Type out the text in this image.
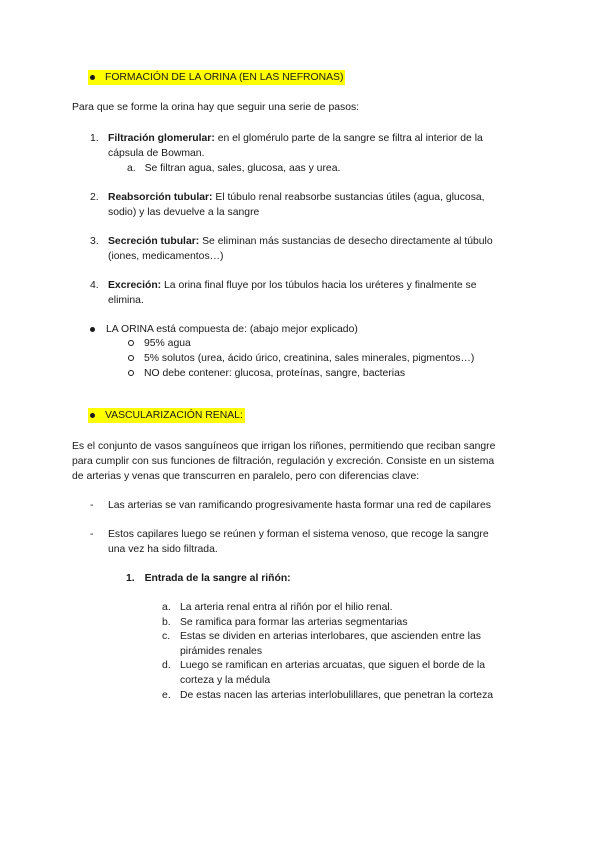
FORMACIÓN DE LA ORINA (EN LAS NEFRONAS)
Para que se forme la orina hay que seguir una serie de pasos:
1. Filtración glomerular: en el glomérulo parte de la sangre se filtra al interior de la
cápsula de Bowman.
a. Se filtran agua, sales, glucosa, aas y urea.
2. Reabsorción tubular: El túbulo renal reabsorbe sustancias útiles (agua, glucosa,
sodio) y las devuelve a la sangre
3. Secreción tubular: Se eliminan más sustancias de desecho directamente al túbulo
(iones, medicamentos…)
4. Excreción: La orina final fluye por los túbulos hacia los uréteres y finalmente se
elimina.
LA ORINA está compuesta de: (abajo mejor explicado)
95% agua
5% solutos (urea, ácido úrico, creatinina, sales minerales, pigmentos…)
NO debe contener: glucosa, proteínas, sangre, bacterias
VASCULARIZACIÓN RENAL:
Es el conjunto de vasos sanguíneos que irrigan los riñones, permitiendo que reciban sangre
para cumplir con sus funciones de filtración, regulación y excreción. Consiste en un sistema
de arterias y venas que transcurren en paralelo, pero con diferencias clave:
- Las arterias se van ramificando progresivamente hasta formar una red de capilares
- Estos capilares luego se reúnen y forman el sistema venoso, que recoge la sangre
una vez ha sido filtrada.
1. Entrada de la sangre al riñón:
a. La arteria renal entra al riñón por el hilio renal.
b. Se ramifica para formar las arterias segmentarias
c. Estas se dividen en arterias interlobares, que ascienden entre las
pirámides renales
d. Luego se ramifican en arterias arcuatas, que siguen el borde de la
corteza y la médula
e. De estas nacen las arterias interlobulillares, que penetran la corteza
